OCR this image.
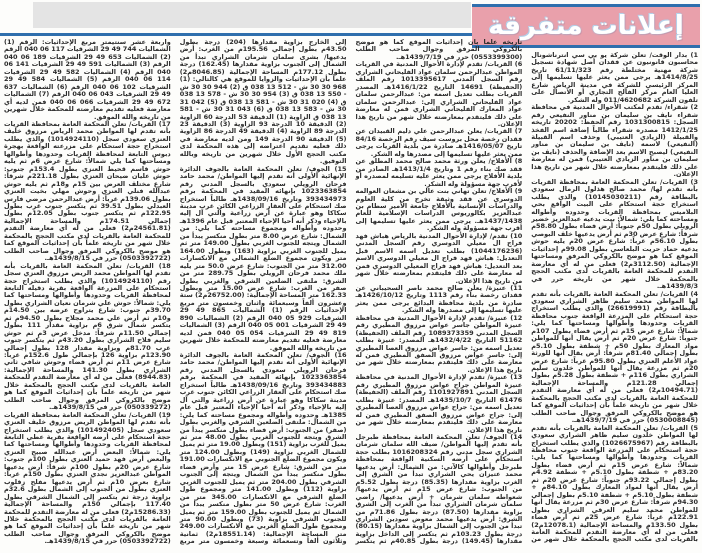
إعلانات متفرقة

1) بدار الوقت/ تعلن شركة يو بي سي انترناشونال محاسبون قانونيون عن فقدان أصل شهادة تسجيل شركة مهنية مختلطة رقم 61/11/323 تاريخ 1414/8/25هـ يرجى ممن يعثر عليها تسليمها إلى المركز الرئيسي للشركة في مدينة الرياض شارع العليا العام مركز الفالح التجاري أو الاتصال على تلفون الشركة 011/4620682 وله الشكر.

2) شقراء/ تقدم لمكتب الأحوال المدنية في محافظة شقراء نايف بن سليمان بن مناور النفيعي رقم السجل: 1031300815 رقم الحفظ: 20202 تاريخه 1412/1/25 مصدره شقراء طالباً إضافة اسم الفخذ والقبيلة (الزيادي العتيبي) وحذف اسم القبيلة (النفيعي) لاسمه (نايف بن سليمان بن مناور النفيعي) ليصبح الاسم بعد الإضافة والحذف (نايف بن سليمان بن مناور الزيادي العتيبي) فمن له معارضة على ذلك فليتقدم بمعارضته خلال شهر من تاريخ هذا الإعلان.

3) القريات/ تعلن المحكمة العامة بمحافظة القريات بأنه تقدم لها/ محمد صالح هذلول الرمال سعودي بالبطاقة رقم (10145030211) والذي يطلب استخراج حجة استحكام على البيت الواقع بحي البلاميس بمحافظة القريات وحدوده وأطواله ومساحته كما يلي: شمالاً: بيت يدعيه عبدالعزيز خضير الرويلي بطول 50م جنوباً: أرض فضاء بطول 58.80م شرقاً: شارع عرض 30م ثم أرض يدعيها خلف البوصي بطول 56.10م غرباً: شارع عرض 20م يليه حوش يدعيه حماد حريت البلعاسي بطول 99.08م إحداثيات الموقع كما هو موضح بالكروكي المرفق ومساحتها الإجمالية (3112.50م2) فعلى من له أي معارضة التقدم للمحكمة العامة بالقريات لدى مكتب الحجج بالمحكمة خلال شهر من تاريخه حرر في 1439/8/3هـ.

4) القريات/ تعلن المحكمة العامة بالقريات بأنه تقدم لها المواطن محمد سليم ظاهر الشراري سعودي بالبطاقة رقم (26619991) والذي يطلب استخراج حجة استحكام على المزرعة الواقعة جنوب محافظة القريات وحدودها وأطوالها ومساحتها كما يلي: شمالاً: شارع عرض 15م ثم أرض فضاء بطول 107م جنوباً: شارع عرض 20م ثم أرض يقال أنها للمواطن مواد المعارك بطول 50م + شطفة بطول 5.10م بطول إجمالي 81.40م شرقاً: أرض يقال أنها للورثة عواد الأعلم العنزي بطول 95.80م غرباً: شارع عرض 20م ثم مزرعة يقال أنها للمواطن خلدون سليم الشراري بطول 116م + شطفة بطول 5.28م بطول إجمالي 121.28م والمساحة الإجمالية (10494.71م2) فعلى من له أي معارضة التقدم للمحكمة العامة بالقريات لدى مكتب الحجج بالمحكمة خلال شهر من تاريخه علماً بأن إحداثيات الموقع كما هو موضح بالكروكي المرفق وجوال صاحب الطلب (0530008845) حرر في 1439/7/19هـ.

5) القريات/ تعلن المحكمة العامة بالقريات بأنه تقدم لها المواطن خلدون سليم ظاهر الشراري سعودي بالبطاقة رقم (1026675967) والذي يطلب استخراج حجة استحكام على المزرعة الواقعة جنوب محافظة القريات وحدودها وأطوالها ومساحتها كما يلي: شمالاً: شارع عرض 15م ثم أرض فضاء بطول 83.20م + شطفة بطول 5.10م + شطفة 4.92م بطول إجمالي 93.22م جنوباً: شارع عرض 20م ثم أرض يقال أنها لمواد المعارك بطول 84.10م + شطفة بطول 5.10م + شطفة 5.10م بطول إجمالي 94.30م شرقاً: شارع عرض 30م ثم مزرعة يقال أنها للمواطن محمد سليم العرقي الشراري بطول 122.91م غرباً: شارع عرض 25م ثم أرض فضاء بطول 133.50م والمساحة الإجمالية (12078.1م2) فعلى من له أي معارضة التقدم للمحكمة العامة بالقريات لدى مكتب الحجج بالمحكمة خلال شهر من تاريخه علماً بأن إحداثيات الموقع كما هو موضح بالكروكي المرفق وجوال صاحب الطلب (0553399300) حرر في 1439/7/19هـ.

6) القريات/ تقدم لإدارة الأحوال المدنية في القريات المواطن عبدالرحمن سلمان عواد الفليحاني الشراري رقم السجل المدني 1013395617 رقم الملف (الحفيظة) 14691 التاريخ 1416/1/22هـ المصدر القريات بطلب تعديل اسمه من: عبدالرحمن سلمان عواد الفليحاني الشراري إلى: عبدالرحمن سلمان عواد المعارك الفليحاني الشراري فمن له معارضة على ذلك فليتقدم بمعارضته خلال شهر من تاريخ هذا الإعلان.

7) القريات/ يعلن عبدالرحمن علي دليم القبيدان عن فقدان رخصة محل بروست سيف رقم الرخصة 84/16 تاريخ 1416/05/07هـ صادرة من بلدية القريات يرجى ممن يعثر عليها تسليمها إلى مصدرها وله الشكر.

8) الأفلاج/ يعلن ورثة محمد صالح محمد المطلق عن فقد صك بناء رقم 1 وتاريخ 1413/1/4هـ الصادر من بلدية الأفلاج يرجى ممن يعثر عليه تسليمه لمصدره أو لأقرب جهة مسؤولة وله الشكر.

9) الأفلاج/ تعلن تهاني بنت عالي بن مشعان العوالمه الدوسري عن فقد وثيقة تخرج من كلية العلوم والدراسات الإنسانية بالأفلاج جامعة الأمير سطام بن عبدالعزيز بكالوريوس الدراسات الإسلامية للعام 1437/1438هـ. يرجى ممن يعثر عليها تسليمها إلى أقرب جهة مسؤولة وله الشكر.

10) تقدم/ لإدارة الأحوال المدنية بالرياض هباش فهد فراج ال معيلي الدوسري رقم السجل المدني (1044176236) بطلب تعديل اسمه الاسم قبل التعديل: هباش فهد فراج ال معيلي الدوسري الاسم بعد التعديل: هباش فهد فراج المعيلي الدوسري فمن له معارضة على ذلك فليتقدم بمعارضته خلال شهر من تاريخ هذا الإعلان.

11) عنيزة/ يعلن صالح محمد ناصر السحيباني عن فقدان رخصة بناء رقم 1113 وتاريخ 1426/10/12هـ صادرة من بلدية محافظة البدائع يرجى ممن يعثر عليها تسليمها إلى مصدرها وله الشكر.

12) عنيزة/ تقدم لإدارة الأحوال المدنية في محافظة عنيزة المواطن جاسر عواض مرزوق المطيري رقم السجل المدني 1089373359 رقم الملف (الحفيظة) 51162 التاريخ 1432/4/22هـ المصدر: عنيزة بطلب تعديل اسمه من: جاسر عواض مرزوق العصا المطيري إلى: جاسر عواض مرزوق الصفق المطيري فمن له معارضة على ذلك فليتقدم بمعارضته خلال شهر من تاريخ هذا الإعلان.

13) عنيزة/ تقدم لإدارة الأحوال المدنية في محافظة عنيزة المواطن جراح عواض مرزوق المطيري رقم السجل المدني 1101927891 رقم الملف (الحفيظة) 61476 التاريخ 1435/10/7هـ المصدر: عنيزة بطلب تعديل اسمه من: جراح عواض مرزوق العصا المطيري إلى: جراح عواض مرزوق الصفق المطيري فمن له معارضة على ذلك فليتقدم بمعارضته خلال شهر من تاريخ هذا الإعلان.

14) الجوف/ تعلن المحكمة العامة بمحافظة طبرجل بأنه تقدم إليها المواطن/ ضيف الله سلمان شرمان الشراري سجل مدني رقم 1016208324 بطلب حجة استحكام على أرضه السكنية الواقعة بمحافظة طبرجل وأطوالها كالآتي: من الشمال: أرض يدعيها محمد عتيزان يحي الشراري تبدأ من الشرق إلى الغرب بزاوية مقدارها (85.35) درجة بطول 5.52م من الجنوب: شارع عرض 15م ثم أرض يدعيها/ شعواطه سلمان شرمان + أرض يدعيها/ راضي سلمان شرمان الشراري تبدأ من الغرب إلى الشرق بزاوية مقدارها (87.50) درجة بطول 71.86م من الشرق: أرض يدعيها محمد معوض سودين الشراري تبدأ من الجنوب إلى الشمال بزاوية مقدارها (80.15) درجة بطول 103.23م ثم يتكسر إلى الداخل بزاوية مقدارها (149.45) درجة بطول 40.85م ثم يتكسر إلى الخارج بزاوية مقدارها (204) درجة بطول 43.50م بطول إجمالي 195.56م من الغرب: أرض يدعيها/ بشرى سلمان شرمان الشراري تبدأ من الشمال إلى الجنوب بزاوية مقدارها (162.45) درجة بطول 177.12م المساحة الإجمالية (8046.85م2) علماً بأن الإحداثيات والزوايا للموقع هي كالتالي: (1) 968 30 30 ش - 512 13 038 ق (2) 944 30 30 ش - 550 13 038 ق (3) 954 30 30 ش - 578 13 038 ق (4) 020 31 30 ش - 581 13 038 ق (5) 042 31 30 ش - 583 13 038 ق (6) 043 31 30 ش - 581 13 038 ق الزاوية (1) الدقيقة 53 الدرجة 60 الزاوية (2) الدقيقة 10 الدرجة 93 الزاوية (3) الدقيقة 23 الدرجة 89 الزاوية (4) الدقيقة 49 الدرجة 86 الزاوية (5) الدقيقة 90 الدرجة 149 ومن لديه معارضة في ذلك فعليه تقديم اعتراضه إلى هذه المحكمة لدى مكتب الحجج الأول خلال شهرين من تاريخه وبالله التوفيق.

15) الجوف/ تعلن المحكمة العامة بالجوف الدائرة الإنهائية الأولى أنه تقدم إليها المواطن/ محمد حامد فرحان الرويلي سعودي بالسجل المدني رقم 1023363854 بإنهائه المقيد في المحكمة برقم 393434973 وتاريخ 1438/09/16هـ طالباً استخراج صك استحكام على العقار الزراعي الكائن غرب مدينة سكاكا وهو عبارة عن أرض زراعية والتي آل إليه بالإحياء وذكر أنه أحيا الإحياء المعتبر قبل عام 1396هـ وحدوده وأطواله ومجموع مساحته كما يلي: من الشمال: شارع عرض 8.00 متر بطول منكسر يبدأ من الشمال ويتجه للجنوب الغربي بطول 149.00 متر ثم يميل للجنوب الغربي بزاوية (163) وبطول 164.00 متر ويكون مجموع الضلع الشمالي مع الانكسارات 312.00 متر من الجنوب: شارع عرض 50.0 متر يليه ملك محمد فرحان الرويلي بطول 289.75 متر من الشرق: ملتقى الضلعين الشرقي والغربي بطول صفر من الغرب: شارع عرض 15.00 متر وبطول 162.33 متر المساحة الإجمالية: (26752.00م2) ستة وعشرون ألفاً وسبعمائة واثنان وخمسون متر مربع الإحداثيات الرقم (1) الشماليات 865 49 29 الشرقيات 929 05 040 الرقم (2) الشماليات 890 49 29 الشرقيات 001 05 040 الرقم (3) الشماليات 819 49 29 الشرقيات 054 05 040 فمن لديه معارضة فعليه تقديم معارضته للمحكمة خلال شهرين من تاريخه والله الموفق.

16) الجوف/ تعلن المحكمة العامة بالجوف الدائرة الإنهائية الأولى أنه تقدم إليها المواطن/ محمد حامد فرحان الرويلي سعودي بالسجل المدني رقم 1023363854 بإنهائه المقيد في المحكمة برقم 393434883 وتاريخ 1438/09/16هـ طالباً استخراج صك استحكام على العقار الزراعي الكائن جنوب غرب مدينة سكاكا وهو عبارة عن أرض زراعية والتي آل إليه بالإحياء وذكر أنه أحيا الإحياء المعتبر قبل عام 1385هـ وحدوده وأطواله ومجموع مساحته كما يلي: من الشمال: ملتقى الضلعين الشرقي والغربي بطول (صفر) من الجنوب: أرض فضاء بطول منكسر يبدأ من الشرق ويتجه للجنوب الغربي بطول 48.00 متر ثم يميل للغرب بزاوية (151) وبطول 19.00 متر ثم يميل للشمال الغربي بزاوية (149) وبطول 124.00 متر ويكون مجموع الضلع الجنوبي مع الانكسارات 191.00 متر من الشرق: شارع عرض 15 متر وأرض فضاء بطول منكسر يبدأ من الشمال ويتجه إلى الجنوب الشرقي بطول 204.00 متر ثم يميل للجنوب الغربي بزاوية (112) وبطول 141.00 متر ومجموع طول الضلع الشرقي مع الانكسارات 345.00 متر من الغرب: شارع عرض 50 متر بطول منكسر يبدأ من الشمال ثم يميل للجنوب بطول 159.00 متر ثم يميل للجنوب الشرقي بزاوية (73) وبطول 90.00 متر ومجموع طول الضلع الغربي مع الانكسارات 249.00 متر المساحة الإجمالية: (18551.14م2) ثمانية وثلاثون ألفاً وتسعمائة وسبعة وخمسون متر مربع وأربعة عشر سنتيمتر مربع الإحداثيات: الرقم (1) الشماليات 744 49 29 الشرقيات 117 06 040 الرقم (2) الشماليات 653 49 29 الشرقيات 189 06 040 الرقم (3) الشماليات 591 49 29 الشرقيات 141 06 040 الرقم (4) الشماليات 582 49 29 الشرقيات 114 06 040 الرقم (5) الشماليات 584 49 29 الشرقيات 102 06 040 الرقم (6) الشماليات 637 49 29 الشرقيات 043 06 040 الرقم (7) الشماليات 672 49 29 الشرقيات 066 06 040 فمن لديه أي معارضة فعليه تقديم معارضته للمحكمة خلال شهرين من تاريخه والله الموفق.

17) القريات/ تعلن المحكمة العامة بمحافظة القريات بأنه تقدم لها المواطن محمد الرياض مرزوق خليف العنزي سعودي سجل (1014924110) والذي يطلب استخراج حجة استحكام على مزرعته الواقعة بهجرة دبوس التابعة لمحافظة القريات وحدودها وأطوالها ومساحتها كما يلي شمالاً: شارع عرض 6م ثم يليه حوش قاسم قحيط العنزي بطول 153.4م جنوب: حوش عليان ضيحان العنزي بطول 221.18م شرقاً: شارع مختلف العرض بين 15م و18م ثم يليه حوش عبدالله فنلي العنزي وحوش مهلي بخيت العنزي بطول 139.06م غرباً: أرض عبدالرحمن مرضي فارس العبدلي بطول 39.51 ثم يتكسر جنوب غرب بطول 122.95م ثم يتكسر جنوب بطول 12.05م بطول إجمالي 174.51م والمساحة الإجمالية (24561.81م2) فعلى من له أي معارضة التقدم للمحكمة العامة بالقريات لدى مكتب الحجج بالمحكمة خلال شهر من تاريخه علماً بأن إحداثيات الموقع كما هو موضح بالكروكي المرفق وجوال صاحب الطلب (0503392722) حرر في 1439/8/15هـ.

18) القريات/ تعلن المحكمة العامة بالقريات بأنه تقدم لها المواطن محمد الريض مرزوق العنزي سجل رقم (1014924110) والذي يطلب استخراج حجة استحكام على المزرعة الواقعة بقرية دقيله التابعة لمحافظة القريات وحدودها وأطوالها ومساحتها كما يلي: شمالاً: حوش علي شرمان نعيان الشراري بطول 39.70م جنوب: شارع يتراوح عرضه بين 14.50م و10م ثم أرض علي محمد مجلاح بطول 94.50م ثم يتكسر شمال شرق 6م بزاوية مقدار 111 بطول إجمالي 11.50م شرقاً: مدخل عرض 3م ثم حوش سليم فلاح الشراري بطول 43.20م ثم يتكسر جنوب غرب 81.70م وبزاوية مقدار 128 بطول إجمالي 123.90م بزاوية 126 بإجمالي طول 152.6م غرباً: شارع عرض 11م ثم أرض فضاء وحوش شافي ثاني الشراري بطول 141.30 والمساحة الإجمالية: (8944.83) فعلى من له أي معارضة التقدم للمحكمة العامة بالقريات لدى مكتب الحجج بالمحكمة خلال شهر من تاريخه علماً بأن إحداثيات الموقع كما هو موضح بالكروكي المرفق وجوال صاحب الطلب (050339272) حرر في 1439/8/15هـ.

19) القريات/ تعلن المحكمة العامة بمحافظة القريات بأنه تقدم لها المواطن الريض مرزوق خليف العنزي سعودي سجل (101492405) والذي يطلب استخراج حجة استحكام على أرضه الواقعة بقرية عطي التابعة لمحافظة القريات وحدودها وأطوالها ومساحتها كما يلي: شمالاً: البعض أرض عبدالله صبيح العنزي والبعض أرض فهد حميد العنزي بطول 100م جنوب: شارع عرض 20م بطول 100م شرقاً: أرض يدعيها المواطن عبدالعزيز نجدي العنزي بطول 150م غرباً: شارع بعرض 10م ثم أرض يدعيها مفلح زقلوب العنزي بطول من الجنوب إلى الشمال بطول 32.6م بزاوية درجة ثم يتكسر إلى الشمال الشرقي بطول 117.40 بإجمالي 150م والمساحة الإجمالية (15286.33م2) فعلى من له معارضة التقدم للمحكمة العامة بالقريات لدى مكتب الحجج بالمحكمة خلال شهر من تاريخه علماً بأن إحداثيات الموقع كما هو موضح بالكروكي المرفق وجوال صاحب الطلب (0503392722) حرر في 1439/8/15هـ.
